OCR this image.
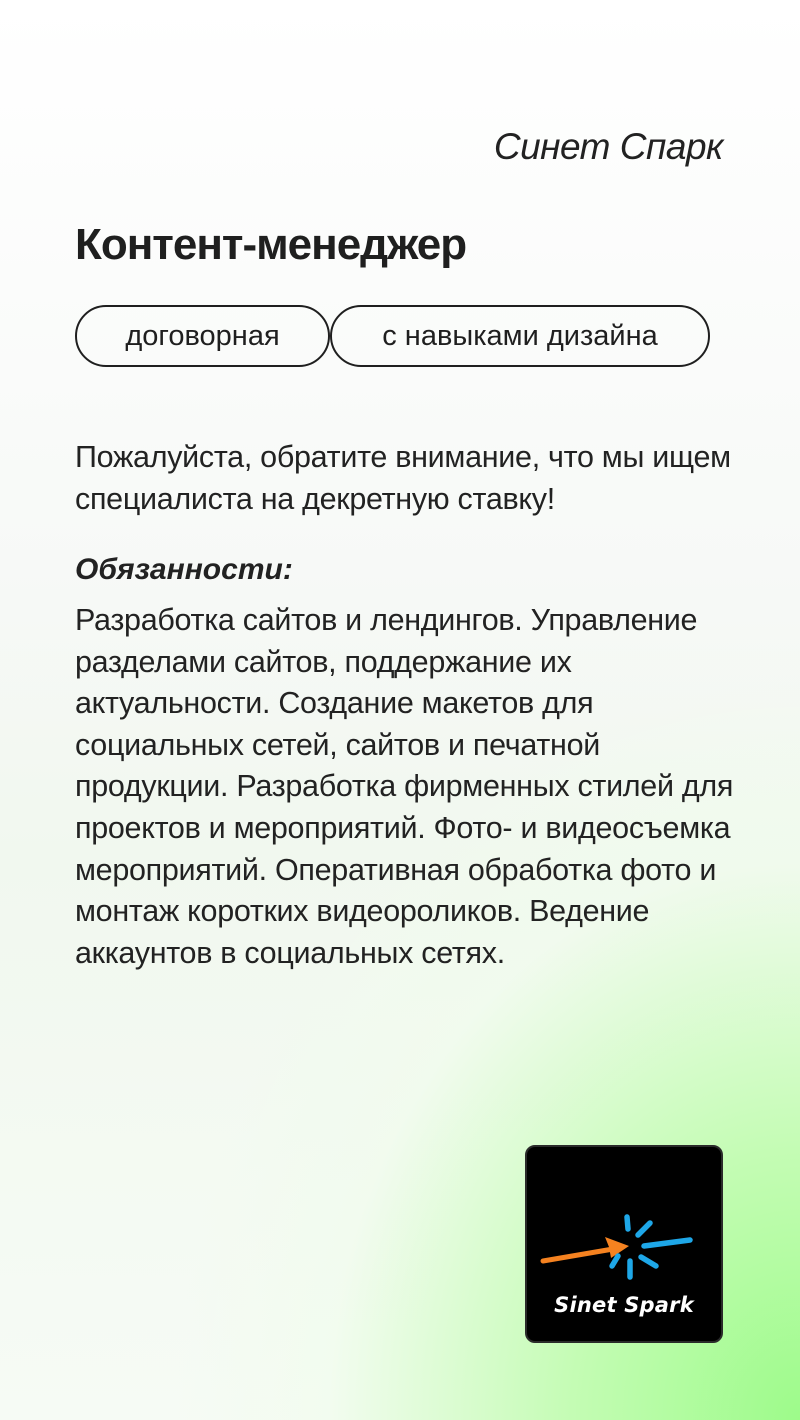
Синет Спарк
Контент-менеджер
договорная	с навыками дизайна

Пожалуйста, обратите внимание, что мы ищем специалиста на декретную ставку!

Обязанности:

Разработка сайтов и лендингов. Управление разделами сайтов, поддержание их актуальности. Создание макетов для социальных сетей, сайтов и печатной продукции. Разработка фирменных стилей для проектов и мероприятий. Фото- и видеосъемка мероприятий. Оперативная обработка фото и монтаж коротких видеороликов. Ведение аккаунтов в социальных сетях.

Sinet Spark
